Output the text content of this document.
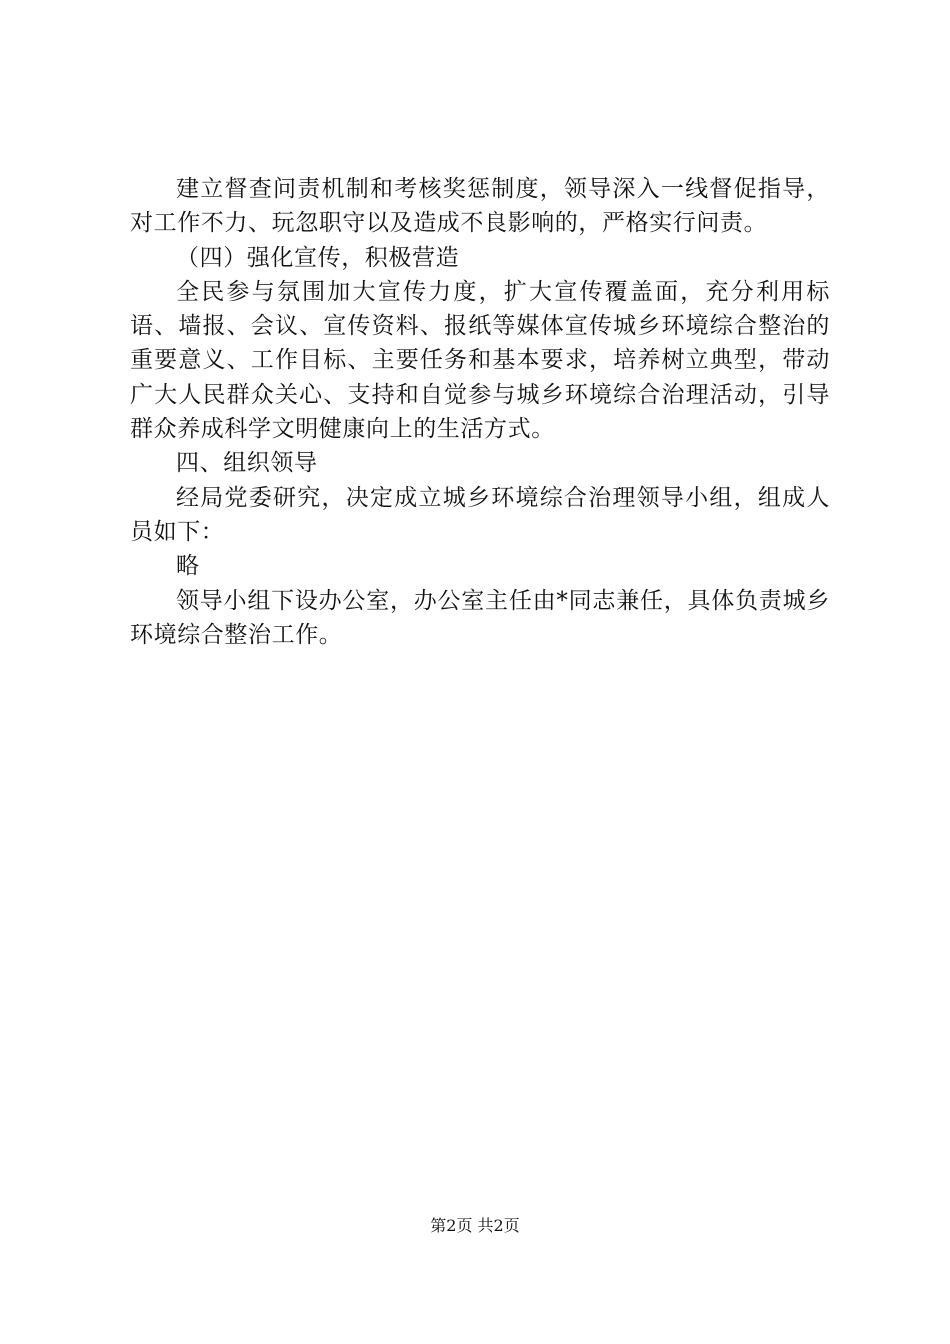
建立督查问责机制和考核奖惩制度，领导深入一线督促指导，对工作不力、玩忽职守以及造成不良影响的，严格实行问责。

（四）强化宣传，积极营造

全民参与氛围加大宣传力度，扩大宣传覆盖面，充分利用标语、墙报、会议、宣传资料、报纸等媒体宣传城乡环境综合整治的重要意义、工作目标、主要任务和基本要求，培养树立典型，带动广大人民群众关心、支持和自觉参与城乡环境综合治理活动，引导群众养成科学文明健康向上的生活方式。

四、组织领导

经局党委研究，决定成立城乡环境综合治理领导小组，组成人员如下：

略

领导小组下设办公室，办公室主任由*同志兼任，具体负责城乡环境综合整治工作。

第2页 共2页
